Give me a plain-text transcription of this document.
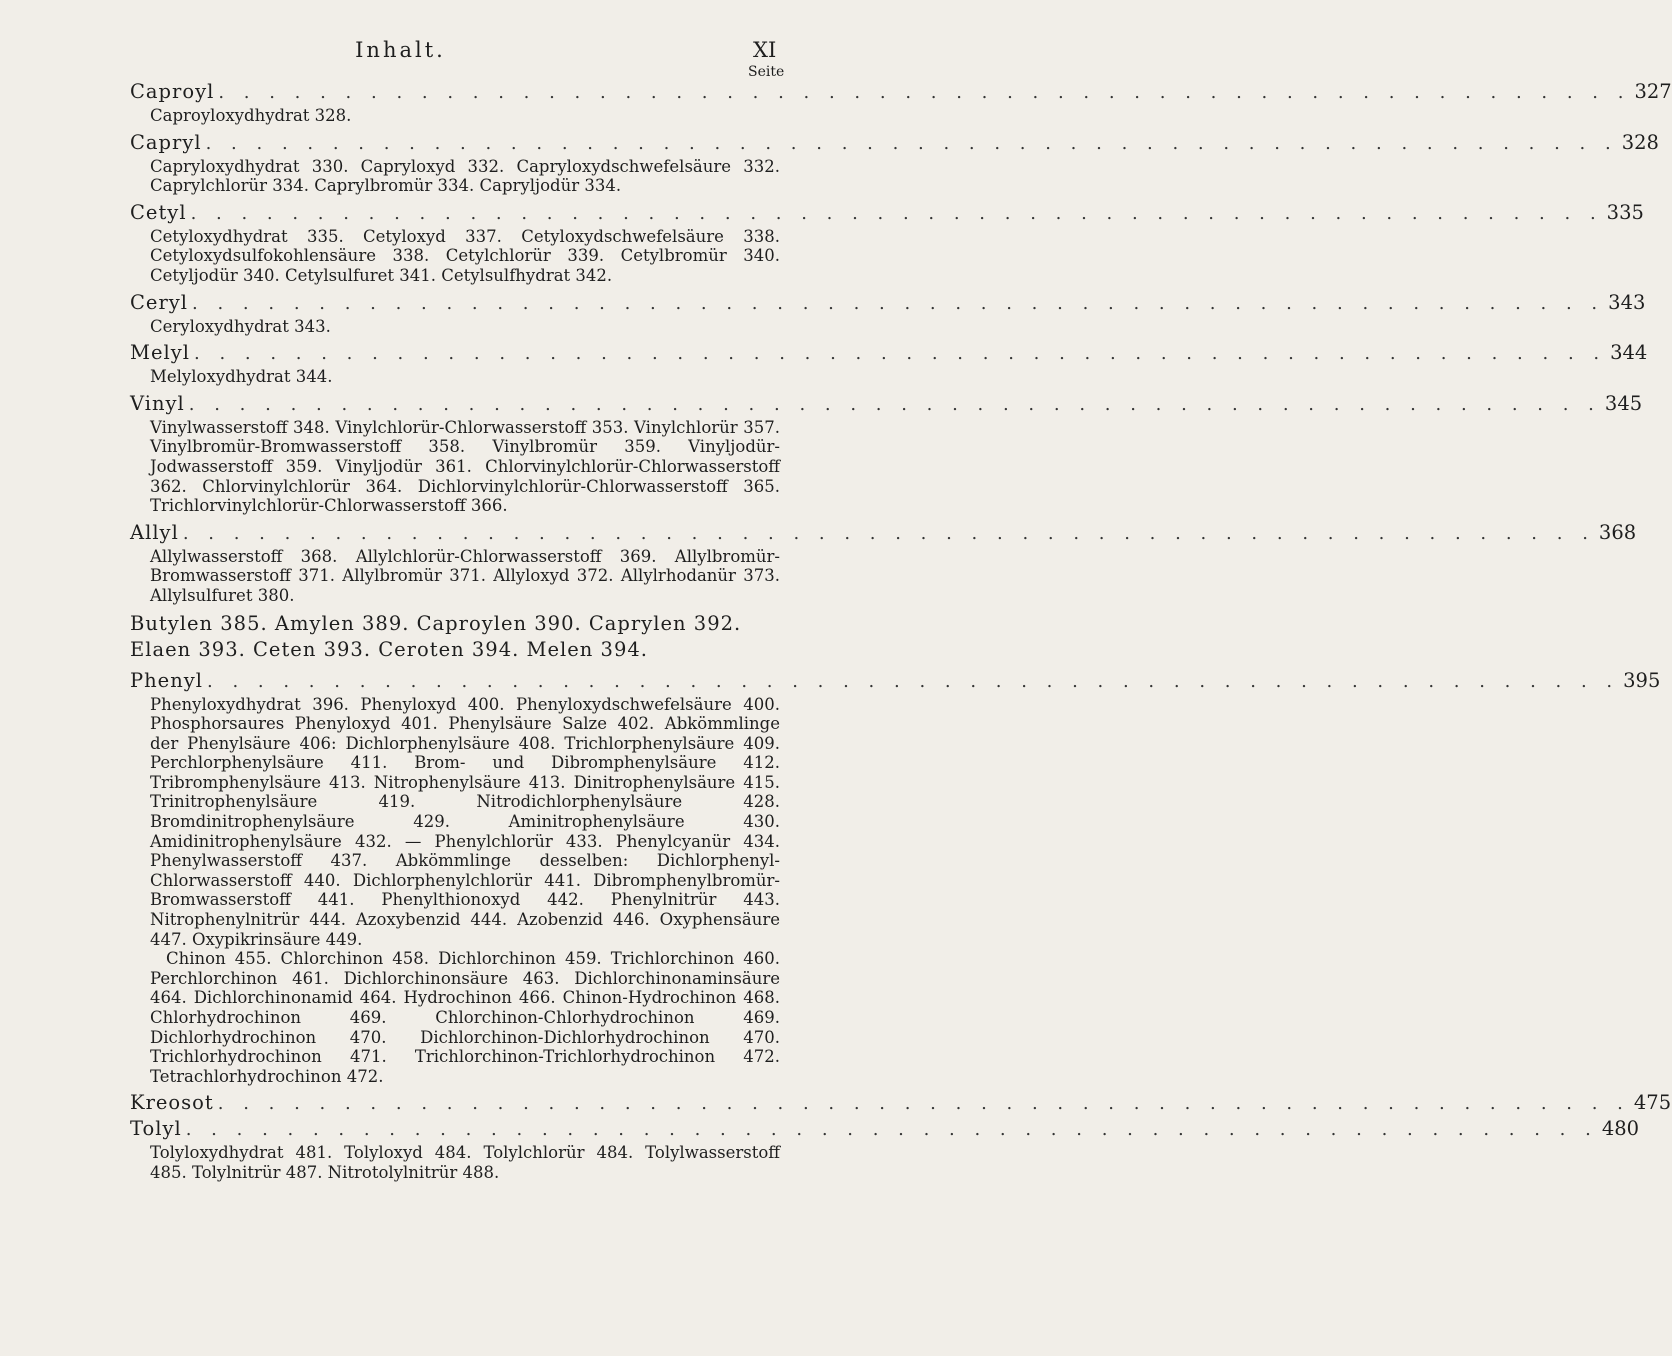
Inhalt.	XI
Seite
Caproyl . . . . . . . . . . . . . . . . . . . . . . . . . . . . . . . . . . . . . . . . . . . . . . . . . . . . . . . . 327

Caproyloxydhydrat 328.

Capryl . . . . . . . . . . . . . . . . . . . . . . . . . . . . . . . . . . . . . . . . . . . . . . . . . . . . . . . . 328

Capryloxydhydrat 330. Capryloxyd 332. Capryloxydschwefelsäure 332. Caprylchlorür 334. Caprylbromür 334. Capryljodür 334.

Cetyl . . . . . . . . . . . . . . . . . . . . . . . . . . . . . . . . . . . . . . . . . . . . . . . . . . . . . . . . 335

Cetyloxydhydrat 335. Cetyloxyd 337. Cetyloxydschwefelsäure 338. Cetyloxydsulfokohlensäure 338. Cetylchlorür 339. Cetylbromür 340. Cetyljodür 340. Cetylsulfuret 341. Cetylsulfhydrat 342.

Ceryl . . . . . . . . . . . . . . . . . . . . . . . . . . . . . . . . . . . . . . . . . . . . . . . . . . . . . . . . 343

Ceryloxydhydrat 343.

Melyl . . . . . . . . . . . . . . . . . . . . . . . . . . . . . . . . . . . . . . . . . . . . . . . . . . . . . . . . 344

Melyloxydhydrat 344.

Vinyl . . . . . . . . . . . . . . . . . . . . . . . . . . . . . . . . . . . . . . . . . . . . . . . . . . . . . . . . 345

Vinylwasserstoff 348. Vinylchlorür-Chlorwasserstoff 353. Vinylchlorür 357. Vinylbromür-Bromwasserstoff 358. Vinylbromür 359. Vinyljodür-Jodwasserstoff 359. Vinyljodür 361. Chlorvinylchlorür-Chlorwasserstoff 362. Chlorvinylchlorür 364. Dichlorvinylchlorür-Chlorwasserstoff 365. Trichlorvinylchlorür-Chlorwasserstoff 366.

Allyl . . . . . . . . . . . . . . . . . . . . . . . . . . . . . . . . . . . . . . . . . . . . . . . . . . . . . . . . 368

Allylwasserstoff 368. Allylchlorür-Chlorwasserstoff 369. Allylbromür-Bromwasserstoff 371. Allylbromür 371. Allyloxyd 372. Allylrhodanür 373. Allylsulfuret 380.

Butylen 385. Amylen 389. Caproylen 390. Caprylen 392. Elaen 393. Ceten 393. Ceroten 394. Melen 394.
Phenyl . . . . . . . . . . . . . . . . . . . . . . . . . . . . . . . . . . . . . . . . . . . . . . . . . . . . . . . . 395

Phenyloxydhydrat 396. Phenyloxyd 400. Phenyloxydschwefelsäure 400. Phosphorsaures Phenyloxyd 401. Phenylsäure Salze 402. Abkömmlinge der Phenylsäure 406: Dichlorphenylsäure 408. Trichlorphenylsäure 409. Perchlorphenylsäure 411. Brom- und Dibromphenylsäure 412. Tribromphenylsäure 413. Nitrophenylsäure 413. Dinitrophenylsäure 415. Trinitrophenylsäure 419. Nitrodichlorphenylsäure 428. Bromdinitrophenylsäure 429. Aminitrophenylsäure 430. Amidinitrophenylsäure 432. — Phenylchlorür 433. Phenylcyanür 434. Phenylwasserstoff 437. Abkömmlinge desselben: Dichlorphenyl-Chlorwasserstoff 440. Dichlorphenylchlorür 441. Dibromphenylbromür-Bromwasserstoff 441. Phenylthionoxyd 442. Phenylnitrür 443. Nitrophenylnitrür 444. Azoxybenzid 444. Azobenzid 446. Oxyphensäure 447. Oxypikrinsäure 449.

Chinon 455. Chlorchinon 458. Dichlorchinon 459. Trichlorchinon 460. Perchlorchinon 461. Dichlorchinonsäure 463. Dichlorchinonaminsäure 464. Dichlorchinonamid 464. Hydrochinon 466. Chinon-Hydrochinon 468. Chlorhydrochinon 469. Chlorchinon-Chlorhydrochinon 469. Dichlorhydrochinon 470. Dichlorchinon-Dichlorhydrochinon 470. Trichlorhydrochinon 471. Trichlorchinon-Trichlorhydrochinon 472. Tetrachlorhydrochinon 472.

Kreosot . . . . . . . . . . . . . . . . . . . . . . . . . . . . . . . . . . . . . . . . . . . . . . . . . . . . . . . . 475
Tolyl . . . . . . . . . . . . . . . . . . . . . . . . . . . . . . . . . . . . . . . . . . . . . . . . . . . . . . . . 480

Tolyloxydhydrat 481. Tolyloxyd 484. Tolylchlorür 484. Tolylwasserstoff 485. Tolylnitrür 487. Nitrotolylnitrür 488.
